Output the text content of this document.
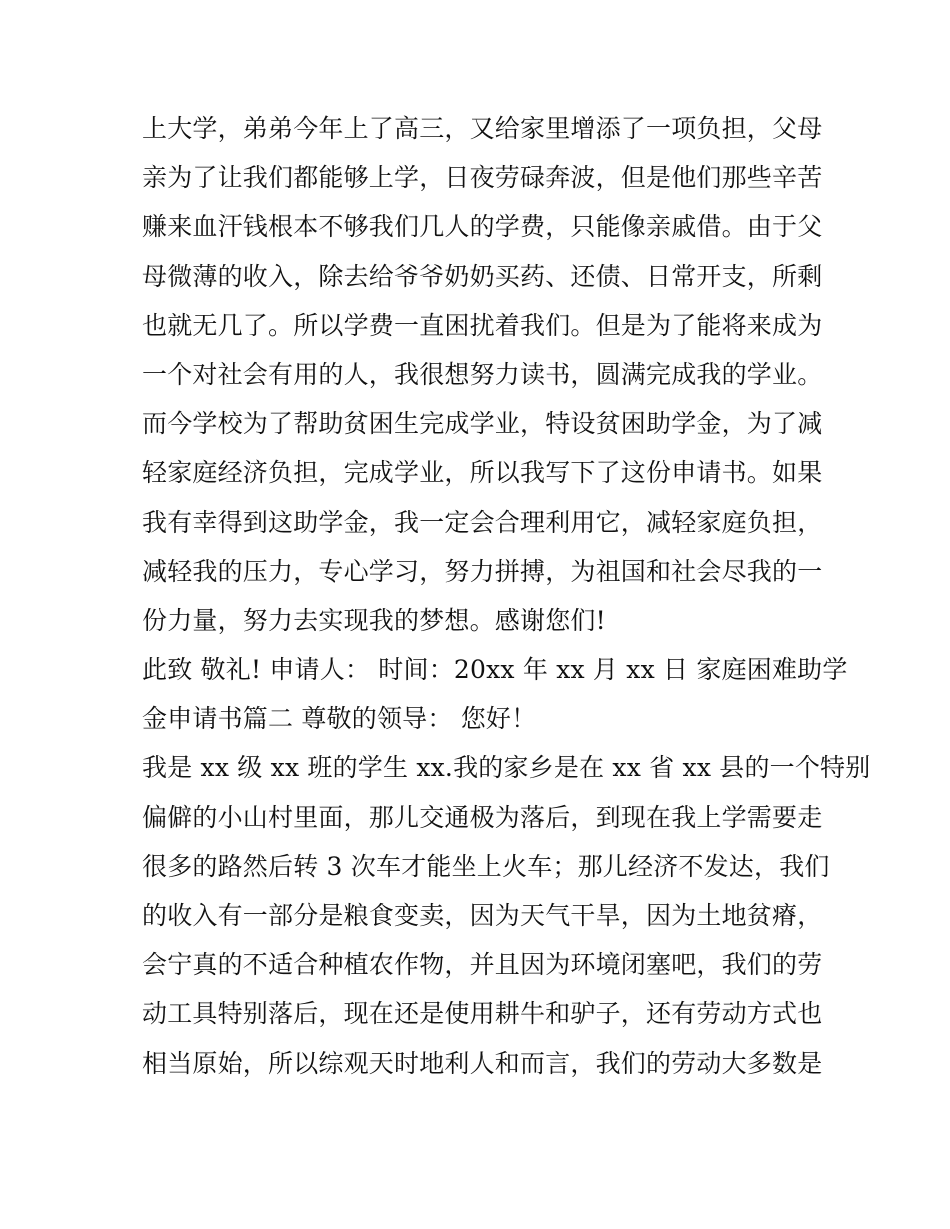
上大学，弟弟今年上了高三，又给家里增添了一项负担，父母
亲为了让我们都能够上学，日夜劳碌奔波，但是他们那些辛苦
赚来血汗钱根本不够我们几人的学费，只能像亲戚借。由于父
母微薄的收入，除去给爷爷奶奶买药、还债、日常开支，所剩
也就无几了。所以学费一直困扰着我们。但是为了能将来成为
一个对社会有用的人，我很想努力读书，圆满完成我的学业。
而今学校为了帮助贫困生完成学业，特设贫困助学金，为了减
轻家庭经济负担，完成学业，所以我写下了这份申请书。如果
我有幸得到这助学金，我一定会合理利用它，减轻家庭负担，
减轻我的压力，专心学习，努力拼搏，为祖国和社会尽我的一
份力量，努力去实现我的梦想。感谢您们!
此致 敬礼! 申请人： 时间：20xx 年 xx 月 xx 日 家庭困难助学
金申请书篇二 尊敬的领导： 您好！
我是 xx 级 xx 班的学生 xx.我的家乡是在 xx 省 xx 县的一个特别
偏僻的小山村里面，那儿交通极为落后，到现在我上学需要走
很多的路然后转 3 次车才能坐上火车；那儿经济不发达，我们
的收入有一部分是粮食变卖，因为天气干旱，因为土地贫瘠，
会宁真的不适合种植农作物，并且因为环境闭塞吧，我们的劳
动工具特别落后，现在还是使用耕牛和驴子，还有劳动方式也
相当原始，所以综观天时地利人和而言，我们的劳动大多数是
